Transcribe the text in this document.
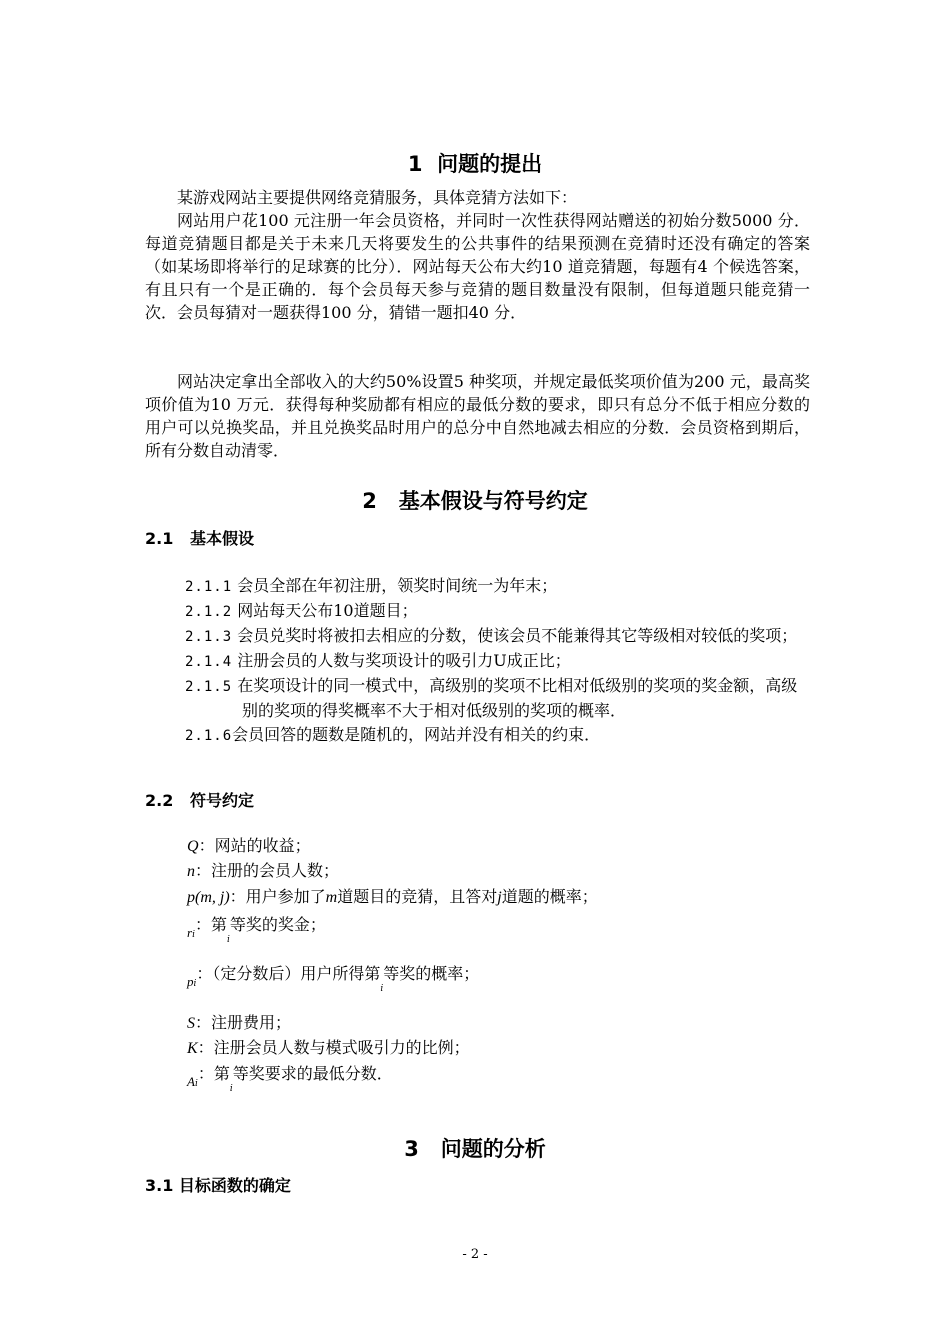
1  问题的提出
某游戏网站主要提供网络竞猜服务，具体竞猜方法如下：
网站用户花100 元注册一年会员资格，并同时一次性获得网站赠送的初始分数5000 分．每道竞猜题目都是关于未来几天将要发生的公共事件的结果预测在竞猜时还没有确定的答案（如某场即将举行的足球赛的比分）．网站每天公布大约10 道竞猜题，每题有4 个候选答案，有且只有一个是正确的．每个会员每天参与竞猜的题目数量没有限制，但每道题只能竞猜一次．会员每猜对一题获得100 分，猜错一题扣40 分．
网站决定拿出全部收入的大约50%设置5 种奖项，并规定最低奖项价值为200 元，最高奖项价值为10 万元．获得每种奖励都有相应的最低分数的要求，即只有总分不低于相应分数的用户可以兑换奖品，并且兑换奖品时用户的总分中自然地减去相应的分数．会员资格到期后，所有分数自动清零．
2   基本假设与符号约定
2.1   基本假设
2.1.1 会员全部在年初注册，领奖时间统一为年末；
2.1.2 网站每天公布10道题目；
2.1.3 会员兑奖时将被扣去相应的分数，使该会员不能兼得其它等级相对较低的奖项；
2.1.4 注册会员的人数与奖项设计的吸引力U成正比；
2.1.5 在奖项设计的同一模式中，高级别的奖项不比相对低级别的奖项的奖金额，高级别的奖项的得奖概率不大于相对低级别的奖项的概率．
2.1.6会员回答的题数是随机的，网站并没有相关的约束．
2.2   符号约定
Q：网站的收益；
n：注册的会员人数；
p(m, j)：用户参加了m道题目的竞猜，且答对j道题的概率；
$_{ri}$：第$_i$等奖的奖金；
$_{pi}$：（定分数后）用户所得第$_i$等奖的概率；
S：注册费用；
K：注册会员人数与模式吸引力的比例；
$_{Ai}$：第$_i$等奖要求的最低分数．
3   问题的分析
3.1 目标函数的确定
- 2 -
